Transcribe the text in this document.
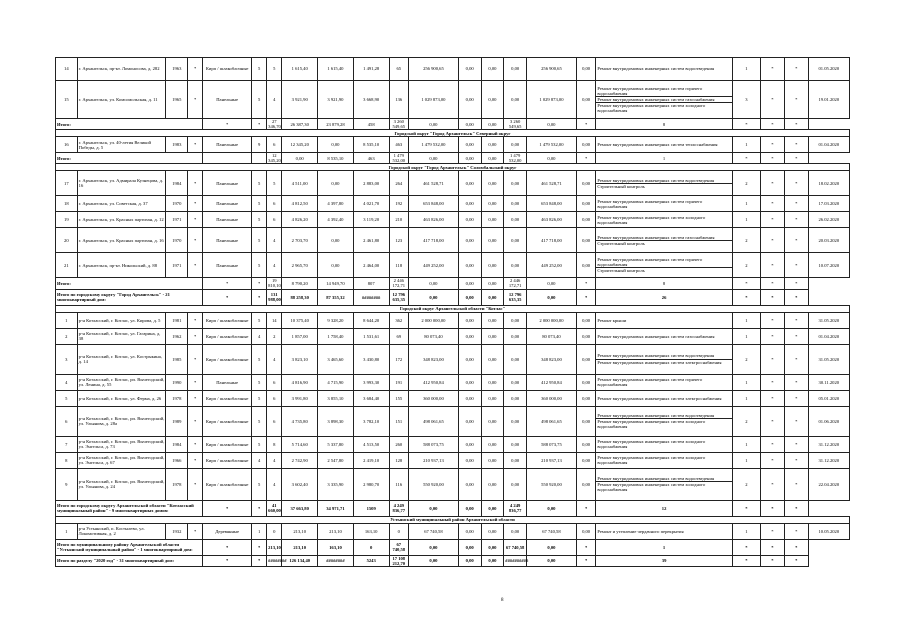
14	г. Архангельск, пр-кт. Ломоносова, д. 282	1963	*	Кирп / шлакоблочные	5	5	1 615,40	1 615,40	1 491,28	65	256 900,65	0,00	0,00	0,00	256 900,65	0,00	Ремонт внутридомовых инженерных систем водоотведения	1	*	*	01.05.2020
15	г. Архангельск, ул. Комсомольская, д. 11	1965	*	Панельные	5	4	3 921,90	3 921,90	3 668,90	136	1 029 873,00	0,00	0,00	0,00	1 029 873,00	0,00	Ремонт внутридомовых инженерных систем горячего водоснабжения
Ремонт внутридомовых инженерных систем газоснабжения
Ремонт внутридомовых инженерных систем холодного водоснабжения	3	*	*	19.01.2020
Итого:				*	*	27 346,70	26 387,30	23 879,28	458	3 260 549,65	0,00	0,00	0,00	3 260 549,65	0,00	*	8	*	*	*	
Городской округ "Город Архангельск" Северный округ																					
16	г. Архангельск, ул. 40-летия Великой Победы, д. 5	1983	*	Панельные	9	6	12 345,20	0,00	8 535,10	463	1 479 532,00	0,00	0,00	0,00	1 479 532,00	0,00	Ремонт внутридомовых инженерных систем теплоснабжения	1	*	*	01.04.2020
Итого:						12 345,20	0,00	8 535,10	463	1 479 532,00	0,00	0,00	0,00	1 479 532,00	0,00	*	1	*	*	*	
Городской округ "Город Архангельск" Соломбальский округ																					
17	г. Архангельск, ул. Адмирала Кузнецова, д. 16	1984	*	Панельные	5	5	4 511,00	0,00	2 883,00	264	461 528,71	0,00	0,00	0,00	461 528,71	0,00	Ремонт внутридомовых инженерных систем водоотведения
Строительный контроль	2	*	*	18.02.2020
18	г. Архангельск, ул. Советская, д. 37	1970	*	Панельные	5	6	4 812,50	4 397,80	4 021,70	192	653 848,00	0,00	0,00	0,00	653 848,00	0,00	Ремонт внутридомовых инженерных систем горячего водоснабжения	1	*	*	17.03.2020
19	г. Архангельск, ул. Красных партизан, д. 12	1971	*	Панельные	5	6	4 826,20	4 392,40	3 119,20	210	463 826,00	0,00	0,00	0,00	463 826,00	0,00	Ремонт внутридомовых инженерных систем холодного водоснабжения	1	*	*	26.02.2020
20	г. Архангельск, ул. Красных партизан, д. 16	1970	*	Панельные	5	4	2 703,70	0,00	2 461,80	123	417 718,00	0,00	0,00	0,00	417 718,00	0,00	Ремонт внутридомовых инженерных систем газоснабжения
Строительный контроль	2	*	*	20.03.2020
21	г. Архангельск, пр-кт. Никольский, д. 88	1971	*	Панельные	5	4	2 965,70	0,00	2 464,00	118	449 252,00	0,00	0,00	0,00	449 252,00	0,00	Ремонт внутридомовых инженерных систем горячего водоснабжения
Строительный контроль	2	*	*	10.07.2020
Итого:				*	*	19 810,10	8 790,20	14 949,70	807	2 446 172,71	0,00	0,00	0,00	2 446 172,71	0,00	*	8	*	*	*	
Итого по городскому округу "Город Архангельск" - 21 многоквартирный дом:				*	*	131 988,00	88 258,30	87 355,32	########	12 796 635,35	0,00	0,00	0,00	12 796 635,35	0,00	*	26	*	*	*	
Городской округ Архангельской области "Котлас"																					
1	р-н Котласский, г. Котлас, ул. Кирова, д. 5	1981	*	Кирп / шлакоблочные	5	14	10 375,40	9 328,20	8 644,20	362	2 000 000,00	0,00	0,00	0,00	2 000 000,00	0,00	Ремонт крыши	1	*	*	31.05.2020
2	р-н Котласский, г. Котлас, ул. Гагарина, д. 38	1962	*	Кирп / шлакоблочные	4	2	1 857,00	1 758,40	1 531,61	69	80 073,40	0,00	0,00	0,00	80 073,40	0,00	Ремонт внутридомовых инженерных систем газоснабжения	1	*	*	01.04.2020
3	р-н Котласский, г. Котлас, ул. Кострыкина, д. 14	1985	*	Кирп / шлакоблочные	5	4	3 823,10	3 465,60	3 430,80	172	348 823,00	0,00	0,00	0,00	348 823,00	0,00	Ремонт внутридомовых инженерных систем водоотведения
Ремонт внутридомовых инженерных систем электроснабжения	2	*	*	31.05.2020
4	р-н Котласский, г. Котлас, рп. Вычегодский, ул. Ленина, д. 55	1990	*	Панельные	5	6	4 816,90	4 715,90	3 993,30	191	412 950,84	0,00	0,00	0,00	412 950,84	0,00	Ремонт внутридомовых инженерных систем горячего водоснабжения	1	*	*	30.11.2020
5	р-н Котласский, г. Котлас, ул. Ферма, д. 26	1978	*	Кирп / шлакоблочные	5	6	3 991,80	3 855,10	3 684,40	155	360 000,00	0,00	0,00	0,00	360 000,00	0,00	Ремонт внутридомовых инженерных систем электроснабжения	1	*	*	05.01.2020
6	р-н Котласский, г. Котлас, рп. Вычегодский, ул. Ульянова, д. 28а	1989	*	Кирп / шлакоблочные	5	6	4 735,80	3 898,30	3 782,10	151	498 061,65	0,00	0,00	0,00	498 061,65	0,00	Ремонт внутридомовых инженерных систем водоотведения
Ремонт внутридомовых инженерных систем холодного водоснабжения	2	*	*	01.06.2020
7	р-н Котласский, г. Котлас, рп. Вычегодский, ул. Энгельса, д. 73	1984	*	Кирп / шлакоблочные	5	8	5 714,60	5 337,80	4 513,50	260	588 073,75	0,00	0,00	0,00	588 073,75	0,00	Ремонт внутридомовых инженерных систем холодного водоснабжения	1	*	*	31.12.2020
8	р-н Котласский, г. Котлас, рп. Вычегодский, ул. Энгельса, д. 67	1966	*	Кирп / шлакоблочные	4	4	2 742,90	2 547,80	2 419,10	128	210 937,13	0,00	0,00	0,00	210 937,13	0,00	Ремонт внутридомовых инженерных систем холодного водоснабжения	1	*	*	31.12.2020
9	р-н Котласский, г. Котлас, рп. Вычегодский, ул. Ульянова, д. 24	1978	*	Кирп / шлакоблочные	5	4	3 602,40	3 335,90	2 980,70	116	550 920,00	0,00	0,00	0,00	550 920,00	0,00	Ремонт внутридомовых инженерных систем водоотведения
Ремонт внутридомовых инженерных систем холодного водоснабжения	2	*	*	22.04.2020
Итого по городскому округу Архангельской области "Котласский муниципальный район" - 9 многоквартирных домов:				*	*	41 660,00	37 663,80	34 971,71	1509	4 249 836,77	0,00	0,00	0,00	4 249 836,77	0,00	*	12	*	*	*	
Устьянский муниципальный район Архангельской области																					
1	р-н Устьянский, п. Костылево, ул. Локомотивная, д. 2	1932	*	Деревянные	1	0	213,10	213,10	163,10	0	67 740,58	0,00	0,00	0,00	67 740,58	0,00	Ремонт и утепление чердачного перекрытия	1	*	*	10.05.2020
Итого по муниципальному району Архангельской области "Устьянский муниципальный район" - 1 многоквартирный дом:				*	*	213,10	213,10	163,10	0	67 740,58	0,00	0,00	0,00	67 740,58	0,00	*	1	*	*	*	
Итого по разделу "2020 год" - 31 многоквартирный дом:				*	*	########	126 134,40	########	5243	17 108 212,70	0,00	0,00	0,00	##########	0,00	*	39	*	*	*	
8
